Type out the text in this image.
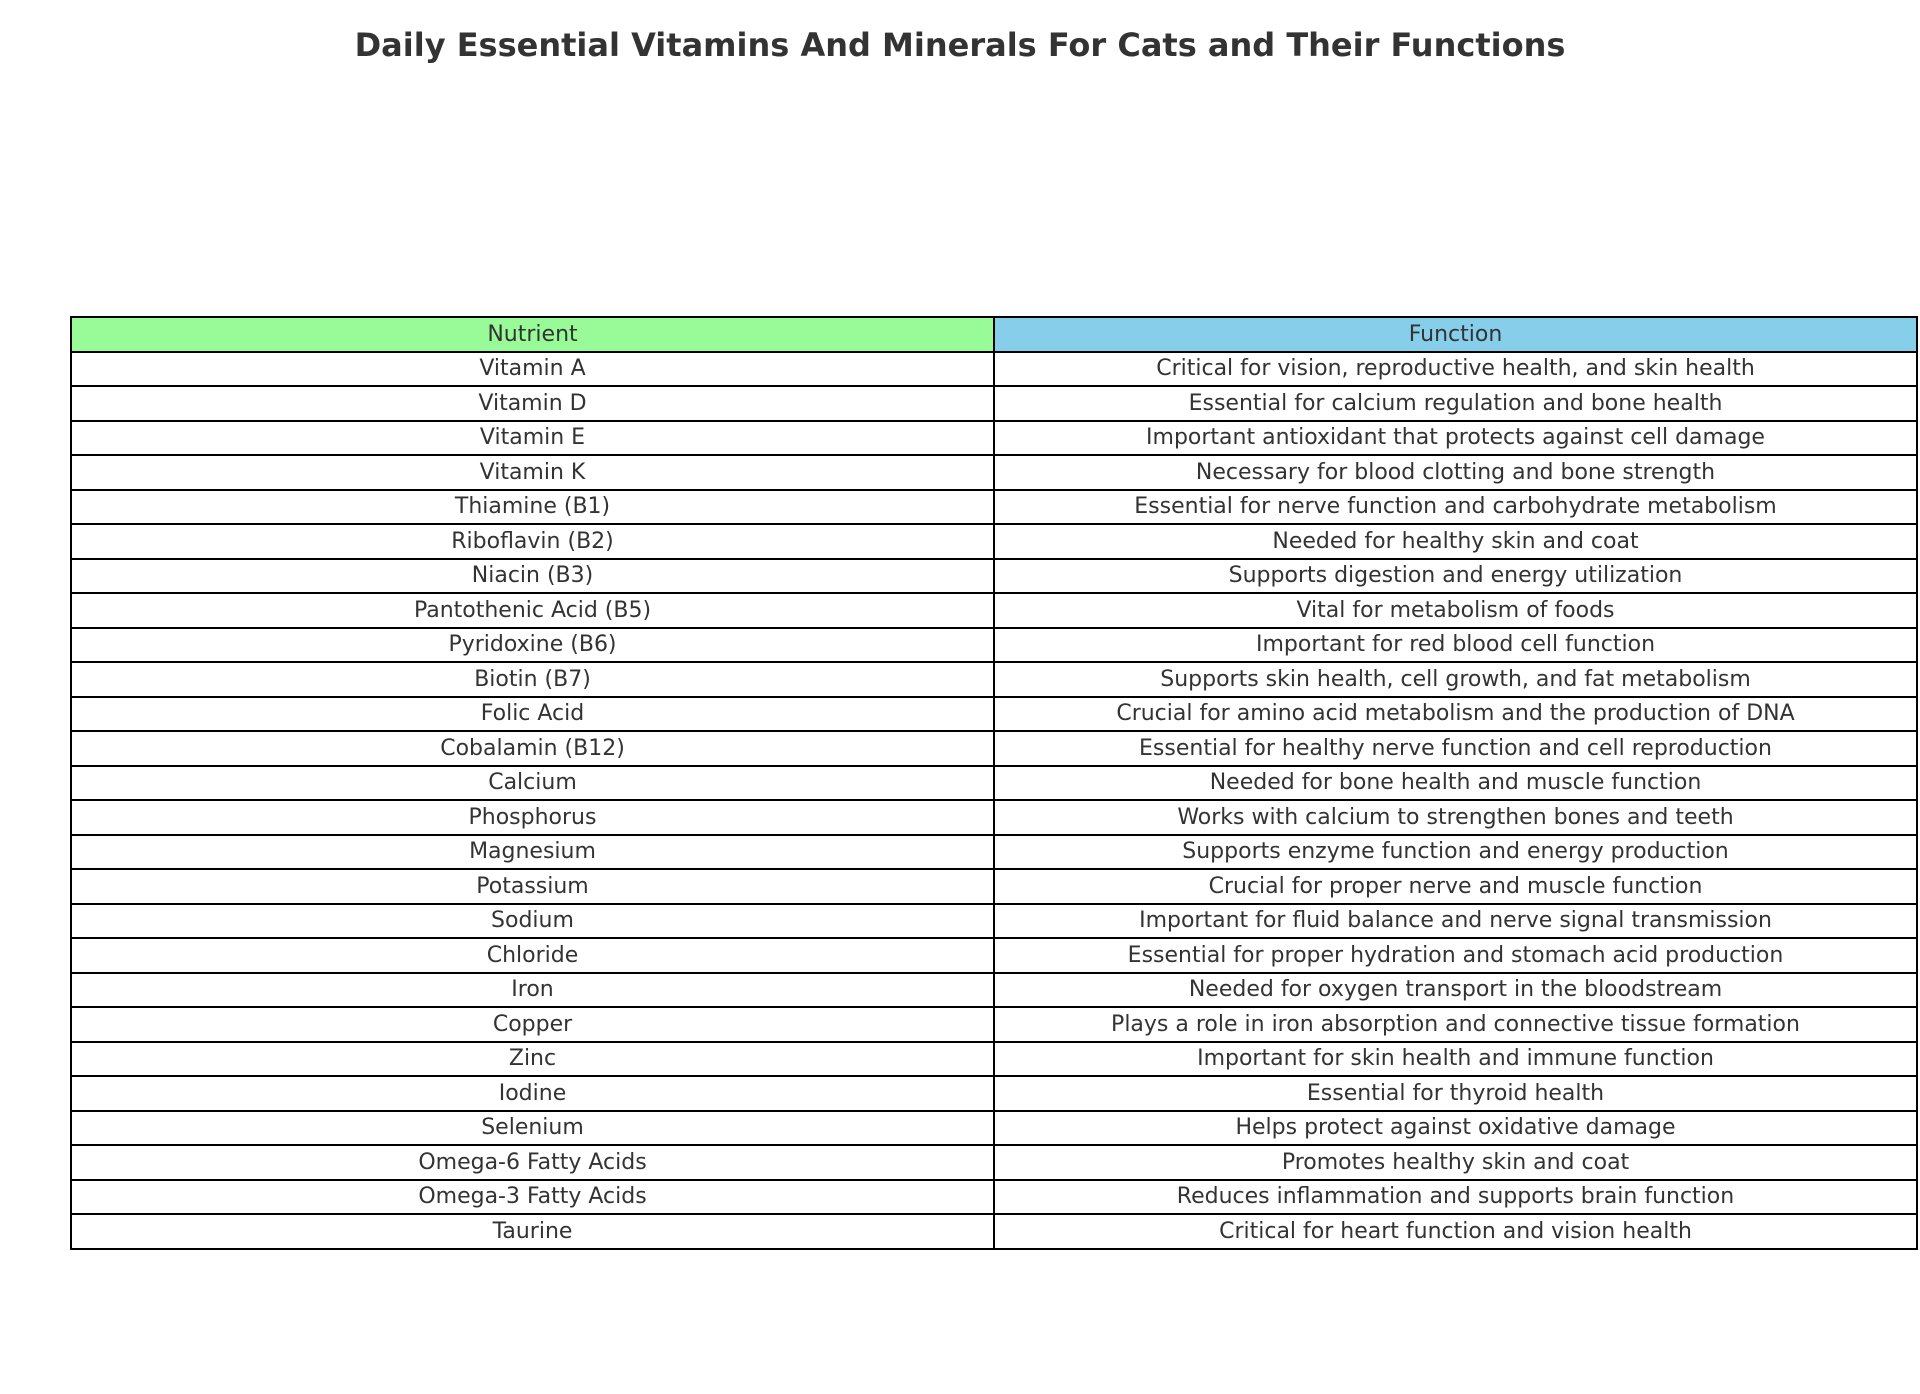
Daily Essential Vitamins And Minerals For Cats and Their Functions
Nutrient	Function
Vitamin A	Critical for vision, reproductive health, and skin health
Vitamin D	Essential for calcium regulation and bone health
Vitamin E	Important antioxidant that protects against cell damage
Vitamin K	Necessary for blood clotting and bone strength
Thiamine (B1)	Essential for nerve function and carbohydrate metabolism
Riboflavin (B2)	Needed for healthy skin and coat
Niacin (B3)	Supports digestion and energy utilization
Pantothenic Acid (B5)	Vital for metabolism of foods
Pyridoxine (B6)	Important for red blood cell function
Biotin (B7)	Supports skin health, cell growth, and fat metabolism
Folic Acid	Crucial for amino acid metabolism and the production of DNA
Cobalamin (B12)	Essential for healthy nerve function and cell reproduction
Calcium	Needed for bone health and muscle function
Phosphorus	Works with calcium to strengthen bones and teeth
Magnesium	Supports enzyme function and energy production
Potassium	Crucial for proper nerve and muscle function
Sodium	Important for fluid balance and nerve signal transmission
Chloride	Essential for proper hydration and stomach acid production
Iron	Needed for oxygen transport in the bloodstream
Copper	Plays a role in iron absorption and connective tissue formation
Zinc	Important for skin health and immune function
Iodine	Essential for thyroid health
Selenium	Helps protect against oxidative damage
Omega-6 Fatty Acids	Promotes healthy skin and coat
Omega-3 Fatty Acids	Reduces inflammation and supports brain function
Taurine	Critical for heart function and vision health
